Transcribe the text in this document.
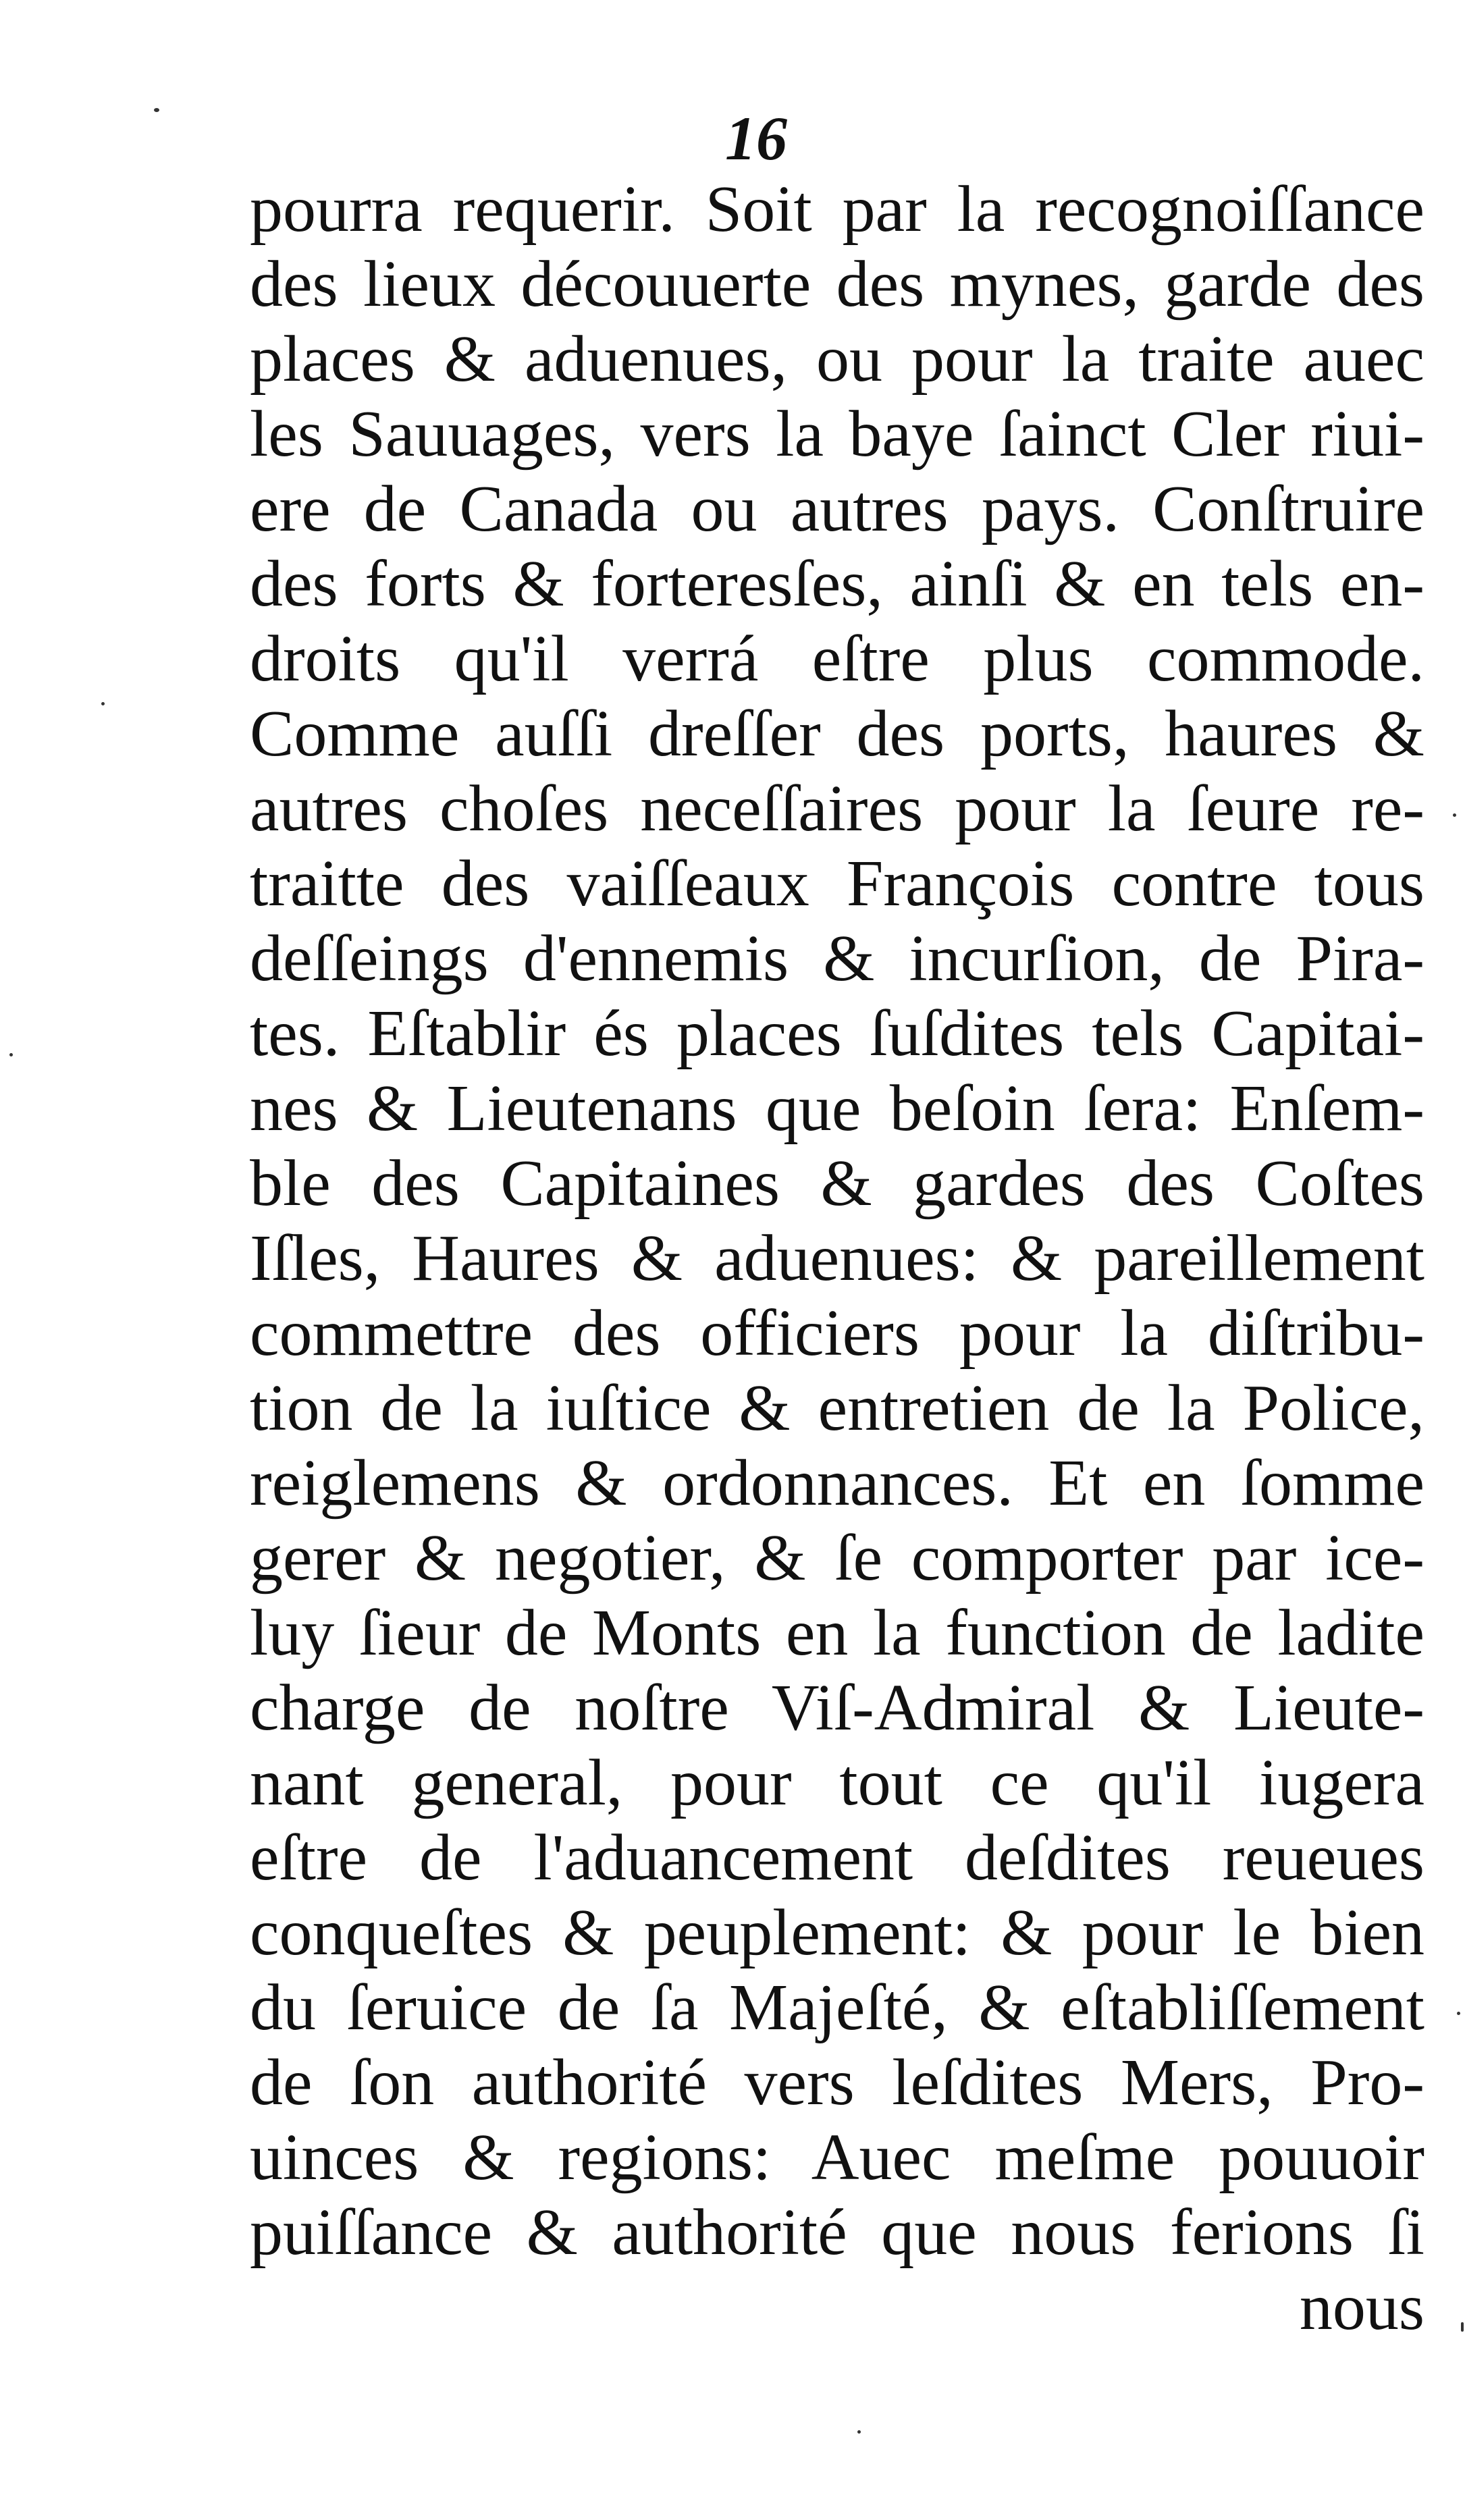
16
pourra requerir. Soit par la recognoiſſance
des lieux découuerte des mynes, garde des
places & aduenues, ou pour la traite auec
les Sauuages, vers la baye ſainct Cler riui-
ere de Canada ou autres pays. Conſtruire
des forts & forteresſes, ainſi & en tels en-
droits qu'il verrá eſtre plus commode.
Comme auſſi dreſſer des ports, haures &
autres choſes neceſſaires pour la ſeure re-
traitte des vaiſſeaux François contre tous
deſſeings d'ennemis & incurſion, de Pira-
tes. Eſtablir és places ſuſdites tels Capitai-
nes & Lieutenans que beſoin ſera: Enſem-
ble des Capitaines & gardes des Coſtes
Iſles, Haures & aduenues: & pareillement
commettre des officiers pour la diſtribu-
tion de la iuſtice & entretien de la Police,
reiglemens & ordonnances. Et en ſomme
gerer & negotier, & ſe comporter par ice-
luy ſieur de Monts en la function de ladite
charge de noſtre Viſ-Admiral & Lieute-
nant general, pour tout ce qu'il iugera
eſtre de l'aduancement deſdites reueues
conqueſtes & peuplement: & pour le bien
du ſeruice de ſa Majeſté, & eſtabliſſement
de ſon authorité vers leſdites Mers, Pro-
uinces & regions: Auec meſme pouuoir
puiſſance & authorité que nous ferions ſi
nous
